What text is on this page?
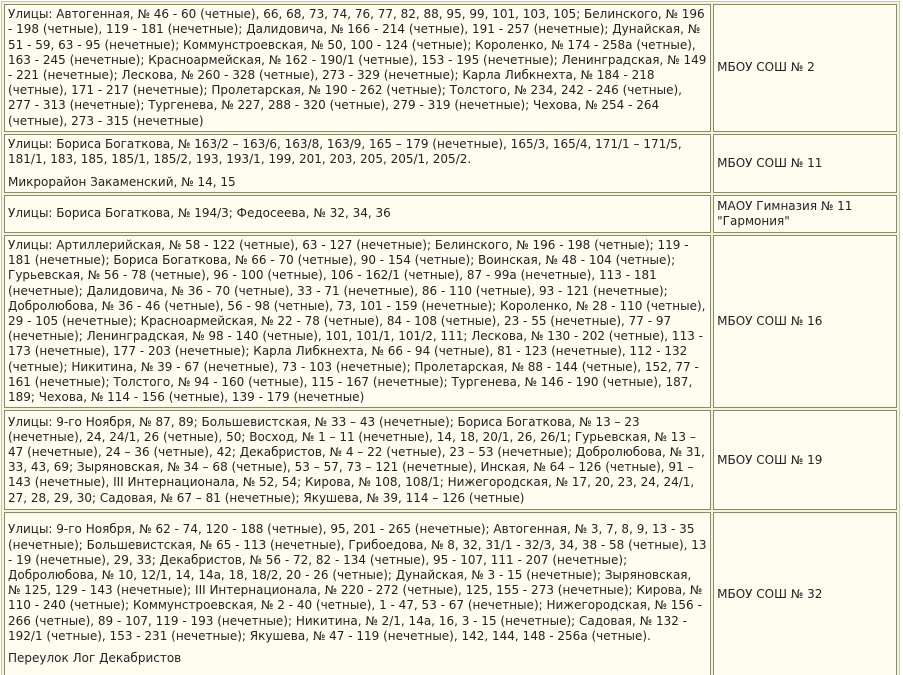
Улицы: Автогенная, № 46 - 60 (четные), 66, 68, 73, 74, 76, 77, 82, 88, 95, 99, 101, 103, 105; Белинского, № 196 - 198 (четные), 119 - 181 (нечетные); Далидовича, № 166 - 214 (четные), 191 - 257 (нечетные); Дунайская, № 51 - 59, 63 - 95 (нечетные); Коммунстроевская, № 50, 100 - 124 (четные); Короленко, № 174 - 258а (четные), 163 - 245 (нечетные); Красноармейская, № 162 - 190/1 (четные), 153 - 195 (нечетные); Ленинградская, № 149 - 221 (нечетные); Лескова, № 260 - 328 (четные), 273 - 329 (нечетные); Карла Либкнехта, № 184 - 218 (четные), 171 - 217 (нечетные); Пролетарская, № 190 - 262 (четные); Толстого, № 234, 242 - 246 (четные), 277 - 313 (нечетные); Тургенева, № 227, 288 - 320 (четные), 279 - 319 (нечетные); Чехова, № 254 - 264 (четные), 273 - 315 (нечетные)	МБОУ СОШ № 2

Улицы: Бориса Богаткова, № 163/2 – 163/6, 163/8, 163/9, 165 – 179 (нечетные), 165/3, 165/4, 171/1 – 171/5, 181/1, 183, 185, 185/1, 185/2, 193, 193/1, 199, 201, 203, 205, 205/1, 205/2.
Микрорайон Закаменский, № 14, 15	МБОУ СОШ № 11

Улицы: Бориса Богаткова, № 194/3; Федосеева, № 32, 34, 36	МАОУ Гимназия № 11 "Гармония"

Улицы: Артиллерийская, № 58 - 122 (четные), 63 - 127 (нечетные); Белинского, № 196 - 198 (четные); 119 - 181 (нечетные); Бориса Богаткова, № 66 - 70 (четные), 90 - 154 (четные); Воинская, № 48 - 104 (четные); Гурьевская, № 56 - 78 (четные), 96 - 100 (четные), 106 - 162/1 (четные), 87 - 99а (нечетные), 113 - 181 (нечетные); Далидовича, № 36 - 70 (четные), 33 - 71 (нечетные), 86 - 110 (четные), 93 - 121 (нечетные); Добролюбова, № 36 - 46 (четные), 56 - 98 (четные), 73, 101 - 159 (нечетные); Короленко, № 28 - 110 (четные), 29 - 105 (нечетные); Красноармейская, № 22 - 78 (четные), 84 - 108 (четные), 23 - 55 (нечетные), 77 - 97 (нечетные); Ленинградская, № 98 - 140 (четные), 101, 101/1, 101/2, 111; Лескова, № 130 - 202 (четные), 113 - 173 (нечетные), 177 - 203 (нечетные); Карла Либкнехта, № 66 - 94 (четные), 81 - 123 (нечетные), 112 - 132 (четные); Никитина, № 39 - 67 (нечетные), 73 - 103 (нечетные); Пролетарская, № 88 - 144 (четные), 152, 77 - 161 (нечетные); Толстого, № 94 - 160 (четные), 115 - 167 (нечетные); Тургенева, № 146 - 190 (четные), 187, 189; Чехова, № 114 - 156 (четные), 139 - 179 (нечетные)	МБОУ СОШ № 16

Улицы: 9-го Ноября, № 87, 89; Большевистская, № 33 – 43 (нечетные); Бориса Богаткова, № 13 – 23 (нечетные), 24, 24/1, 26 (четные), 50; Восход, № 1 – 11 (нечетные), 14, 18, 20/1, 26, 26/1; Гурьевская, № 13 – 47 (нечетные), 24 – 36 (четные), 42; Декабристов, № 4 – 22 (четные), 23 – 53 (нечетные); Добролюбова, № 31, 33, 43, 69; Зыряновская, № 34 – 68 (четные), 53 – 57, 73 – 121 (нечетные), Инская, № 64 – 126 (четные), 91 – 143 (нечетные), III Интернационала, № 52, 54; Кирова, № 108, 108/1; Нижегородская, № 17, 20, 23, 24, 24/1, 27, 28, 29, 30; Садовая, № 67 – 81 (нечетные); Якушева, № 39, 114 – 126 (четные)	МБОУ СОШ № 19

Улицы: 9-го Ноября, № 62 - 74, 120 - 188 (четные), 95, 201 - 265 (нечетные); Автогенная, № 3, 7, 8, 9, 13 - 35 (нечетные); Большевистская, № 65 - 113 (нечетные), Грибоедова, № 8, 32, 31/1 - 32/3, 34, 38 - 58 (четные), 13 - 19 (нечетные), 29, 33; Декабристов, № 56 - 72, 82 - 134 (четные), 95 - 107, 111 - 207 (нечетные); Добролюбова, № 10, 12/1, 14, 14а, 18, 18/2, 20 - 26 (четные); Дунайская, № 3 - 15 (нечетные); Зыряновская, № 125, 129 - 143 (нечетные); III Интернационала, № 220 - 272 (четные), 125, 155 - 273 (нечетные); Кирова, № 110 - 240 (четные); Коммунстроевская, № 2 - 40 (четные), 1 - 47, 53 - 67 (нечетные); Нижегородская, № 156 - 266 (четные), 89 - 107, 119 - 193 (нечетные); Никитина, № 2/1, 14а, 16, 3 - 15 (нечетные); Садовая, № 132 - 192/1 (четные), 153 - 231 (нечетные); Якушева, № 47 - 119 (нечетные), 142, 144, 148 - 256а (четные).
Переулок Лог Декабристов	МБОУ СОШ № 32
